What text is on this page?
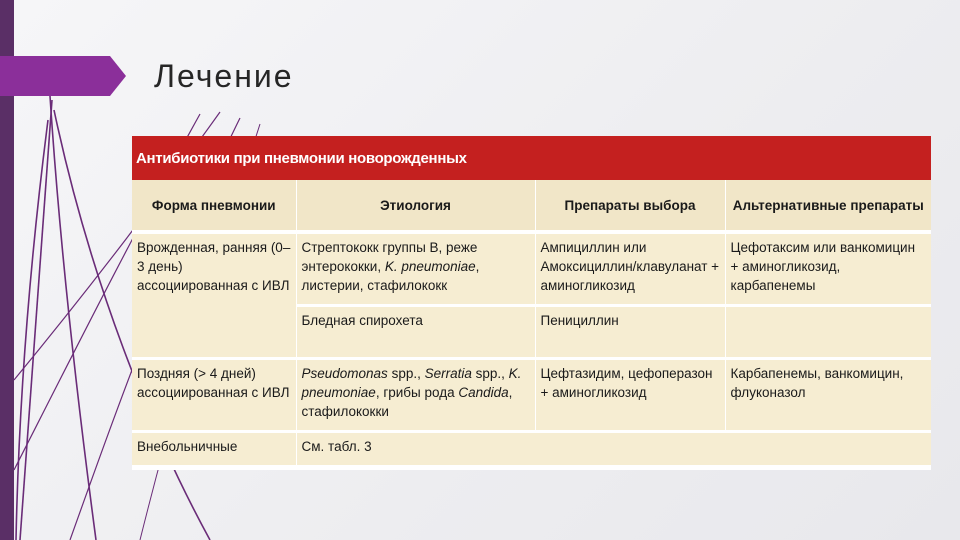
Лечение
Антибиотики при пневмонии новорожденных
Форма пневмонии	Этиология	Препараты выбора	Альтернативные препараты
Врожденная, ранняя (0–3 день) ассоциированная с ИВЛ	Стрептококк группы В, реже энтерококки, K. pneumoniae, листерии, стафилококк	Ампициллин или Амоксициллин/клавуланат + аминогликозид	Цефотаксим или ванкомицин + аминогликозид, карбапенемы
	Бледная спирохета	Пенициллин	
Поздняя (> 4 дней) ассоциированная с ИВЛ	Pseudomonas spp., Serratia spp., K. pneumoniae, грибы рода Candida, стафилококки	Цефтазидим, цефоперазон + аминогликозид	Карбапенемы, ванкомицин, флуконазол
Внебольничные	См. табл. 3		
